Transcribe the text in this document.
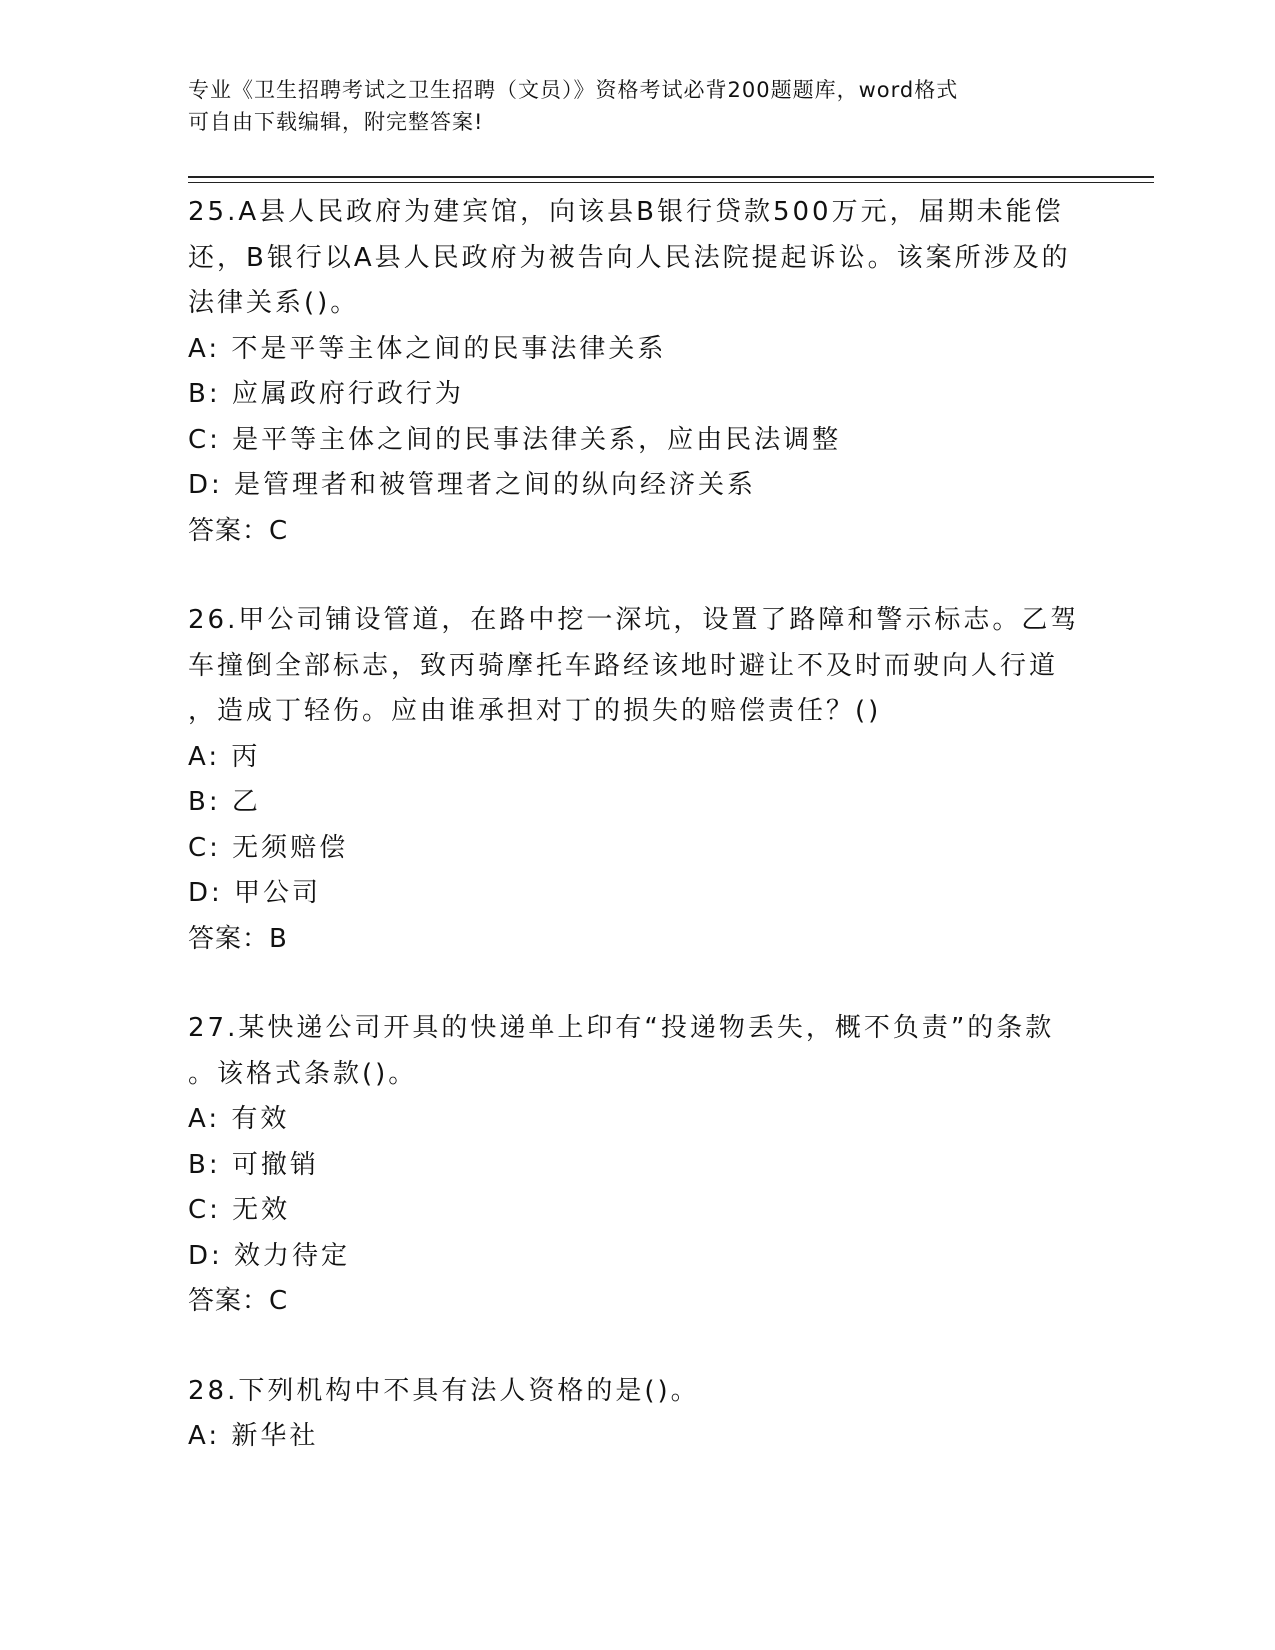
专业《卫生招聘考试之卫生招聘（文员）》资格考试必背200题题库，word格式
可自由下载编辑，附完整答案!
25.A县人民政府为建宾馆，向该县B银行贷款500万元，届期未能偿
还，B银行以A县人民政府为被告向人民法院提起诉讼。该案所涉及的
法律关系()。
A: 不是平等主体之间的民事法律关系
B: 应属政府行政行为
C: 是平等主体之间的民事法律关系，应由民法调整
D: 是管理者和被管理者之间的纵向经济关系
答案：C
26.甲公司铺设管道，在路中挖一深坑，设置了路障和警示标志。乙驾
车撞倒全部标志，致丙骑摩托车路经该地时避让不及时而驶向人行道
，造成丁轻伤。应由谁承担对丁的损失的赔偿责任？()
A: 丙
B: 乙
C: 无须赔偿
D: 甲公司
答案：B
27.某快递公司开具的快递单上印有“投递物丢失，概不负责”的条款
。该格式条款()。
A: 有效
B: 可撤销
C: 无效
D: 效力待定
答案：C
28.下列机构中不具有法人资格的是()。
A: 新华社
